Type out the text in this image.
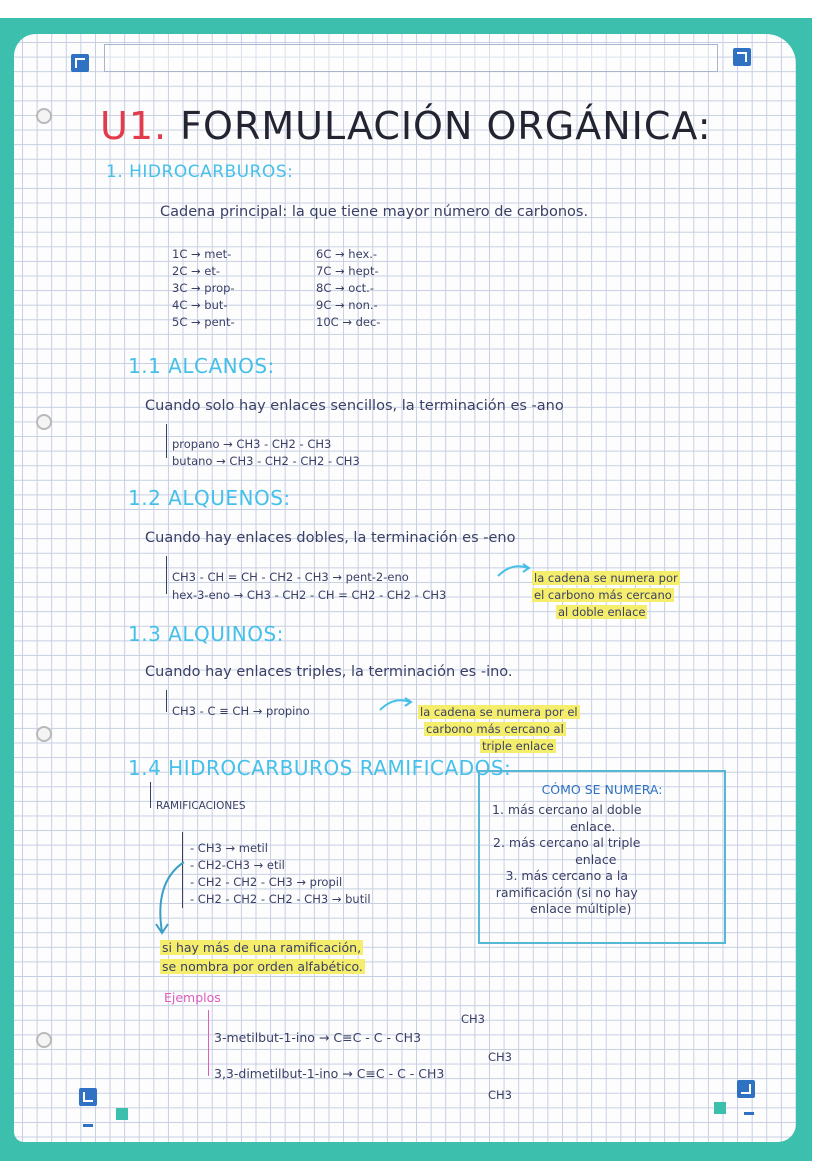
U1. FORMULACIÓN ORGÁNICA:
1. HIDROCARBUROS:
Cadena principal: la que tiene mayor número de carbonos.
1C → met-
2C → et-
3C → prop-
4C → but-
5C → pent-
6C → hex.-
7C → hept-
8C → oct.-
9C → non.-
10C → dec-
1.1 ALCANOS:
Cuando solo hay enlaces sencillos, la terminación es -ano
propano → CH3 - CH2 - CH3
butano → CH3 - CH2 - CH2 - CH3
1.2 ALQUENOS:
Cuando hay enlaces dobles, la terminación es -eno
CH3 - CH = CH - CH2 - CH3 → pent-2-eno
hex-3-eno → CH3 - CH2 - CH = CH2 - CH2 - CH3
la cadena se numera por
el carbono más cercano
al doble enlace
1.3 ALQUINOS:
Cuando hay enlaces triples, la terminación es -ino.
CH3 - C ≡ CH → propino	la cadena se numera por el
carbono más cercano al
triple enlace
1.4 HIDROCARBUROS RAMIFICADOS:
RAMIFICACIONES
- CH3 → metil
- CH2-CH3 → etil
- CH2 - CH2 - CH3 → propil
- CH2 - CH2 - CH2 - CH3 → butil
si hay más de una ramificación,
se nombra por orden alfabético.
CÓMO SE NUMERA:
1. más cercano al doble
enlace.
2. más cercano al triple
enlace
3. más cercano a la
ramificación (si no hay
enlace múltiple)
Ejemplos
CH3
3-metilbut-1-ino → C≡C - C - CH3
CH3
3,3-dimetilbut-1-ino → C≡C - C - CH3
CH3
